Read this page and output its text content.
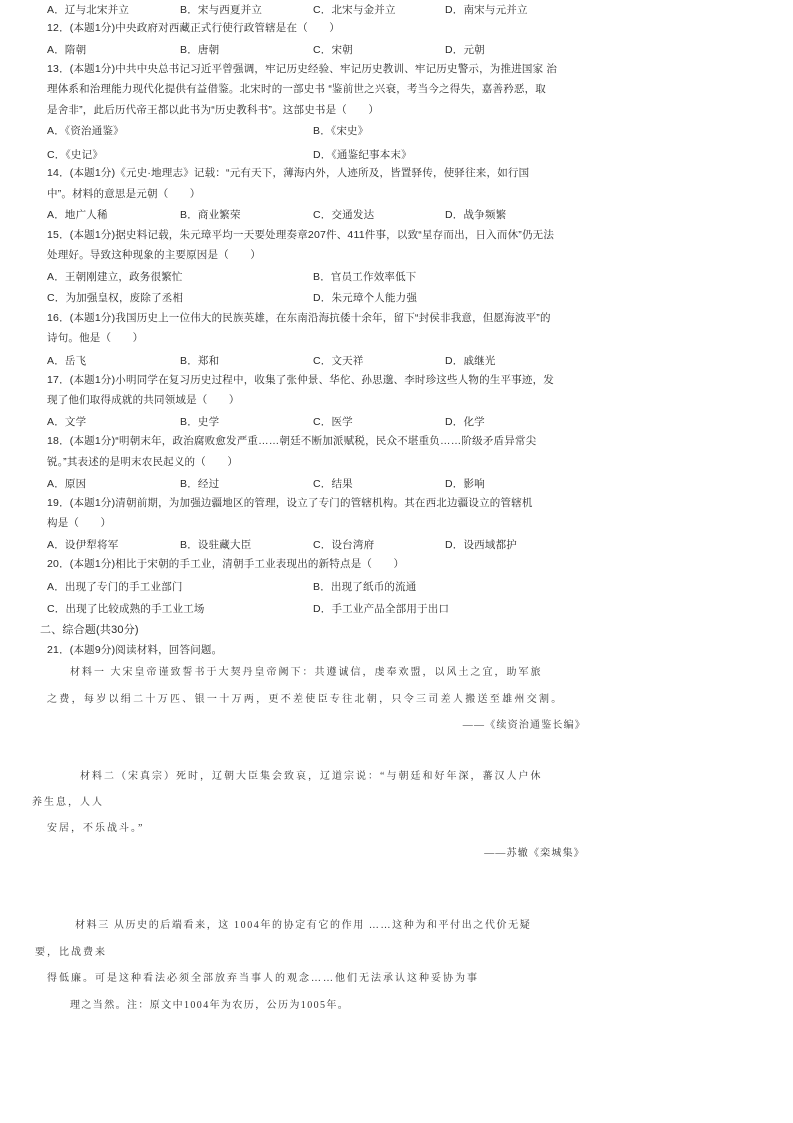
A．辽与北宋并立	B．宋与西夏并立	C．北宋与金并立	D．南宋与元并立
12．(本题1分)中央政府对西藏正式行使行政管辖是在（　　）
A．隋朝	B．唐朝	C．宋朝	D．元朝
13．(本题1分)中共中央总书记习近平曾强调，牢记历史经验、牢记历史教训、牢记历史警示，为推进国家 治
理体系和治理能力现代化提供有益借鉴。北宋时的一部史书 “鉴前世之兴衰，考当今之得失，嘉善矜恶，取
是舍非”，此后历代帝王都以此书为“历史教科书”。这部史书是（　　）
A．《资治通鉴》	B．《宋史》
C．《史记》	D．《通鉴纪事本末》
14．(本题1分)《元史·地理志》记载：“元有天下，薄海内外，人迹所及，皆置驿传，使驿往来，如行国
中”。材料的意思是元朝（　　）
A．地广人稀	B．商业繁荣	C．交通发达	D．战争频繁
15．(本题1分)据史料记载，朱元璋平均一天要处理奏章207件、411件事，以致“星存而出，日入而休”仍无法
处理好。导致这种现象的主要原因是（　　）
A．王朝刚建立，政务很繁忙	B．官员工作效率低下
C．为加强皇权，废除了丞相	D．朱元璋个人能力强
16．(本题1分)我国历史上一位伟大的民族英雄，在东南沿海抗倭十余年，留下“封侯非我意，但愿海波平”的
诗句。他是（　　）
A．岳飞	B．郑和	C．文天祥	D．戚继光
17．(本题1分)小明同学在复习历史过程中，收集了张仲景、华佗、孙思邈、李时珍这些人物的生平事迹，发
现了他们取得成就的共同领域是（　　）
A．文学	B．史学	C．医学	D．化学
18．(本题1分)“明朝末年，政治腐败愈发严重……朝廷不断加派赋税，民众不堪重负……阶级矛盾异常尖
锐。”其表述的是明末农民起义的（　　）
A．原因	B．经过	C．结果	D．影响
19．(本题1分)清朝前期，为加强边疆地区的管理，设立了专门的管辖机构。其在西北边疆设立的管辖机
构是（　　）
A．设伊犁将军	B．设驻藏大臣	C．设台湾府	D．设西域都护
20．(本题1分)相比于宋朝的手工业，清朝手工业表现出的新特点是（　　）
A．出现了专门的手工业部门	B．出现了纸币的流通
C．出现了比较成熟的手工业工场	D．手工业产品全部用于出口
二、综合题(共30分)
21．(本题9分)阅读材料，回答问题。
材料一 大宋皇帝谨致誓书于大契丹皇帝阙下：共遵诚信，虔奉欢盟，以风土之宜，助军旅
之费，每岁以绢二十万匹、银一十万两，更不差使臣专往北朝，只令三司差人搬送至雄州交割。
——《续资治通鉴长编》
材料二（宋真宗）死时，辽朝大臣集会致哀，辽道宗说：“与朝廷和好年深，蕃汉人户休
养生息，人人
安居，不乐战斗。”
——苏辙《栾城集》
材料三 从历史的后端看来，这 1004年的协定有它的作用 ……这种为和平付出之代价无疑
要，比战费来
得低廉。可是这种看法必须全部放弃当事人的观念……他们无法承认这种妥协为事
理之当然。注：原文中1004年为农历，公历为1005年。
